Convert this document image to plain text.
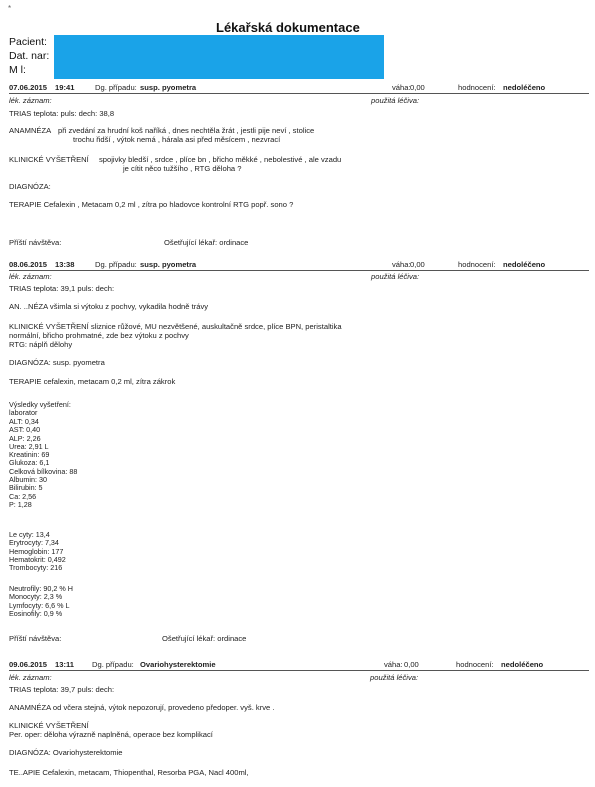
*
Lékařská dokumentace
Pacient:
Dat. nar:
M l:
07.06.2015 19:41	Dg. případu: susp. pyometra	váha: 0,00	hodnocení: nedoléčeno
lék. záznam:	použitá léčiva:
TRIAS teplota: puls: dech: 38,8
ANAMNÉZA při zvedání za hrudní koš naříká , dnes nechtěla žrát , jestli pije neví , stolice
trochu řidší , výtok nemá , hárala asi před měsícem , nezvrací
KLINICKÉ VYŠETŘENÍ spojivky bledší , srdce , plíce bn , břicho měkké , nebolestivé , ale vzadu
je cítit něco tužšího , RTG děloha ?
DIAGNÓZA:
TERAPIE Cefalexin , Metacam 0,2 ml , zítra po hladovce kontrolní RTG popř. sono ?
Příští návštěva:	Ošetřující lékař: ordinace
08.06.2015 13:38	Dg. případu: susp. pyometra	váha: 0,00	hodnocení: nedoléčeno
lék. záznam:	použitá léčiva:
TRIAS teplota: 39,1 puls: dech:
AN. ..NÉZA všimla si výtoku z pochvy, vykadila hodně trávy
KLINICKÉ VYŠETŘENÍ sliznice růžové, MU nezvětšené, auskultačně srdce, plíce BPN, peristaltika
normální, břicho prohmatné, zde bez výtoku z pochvy
RTG: náplň dělohy
DIAGNÓZA: susp. pyometra
TERAPIE cefalexin, metacam 0,2 ml, zítra zákrok
Výsledky vyšetření:
laborator
ALT: 0,34
AST: 0,40
ALP: 2,26
Urea: 2,91 L
Kreatinin: 69
Glukoza: 6,1
Celková bílkovina: 88
Albumin: 30
Bilirubin: 5
Ca: 2,56
P: 1,28
Le cyty: 13,4
Erytrocyty: 7,34
Hemoglobin: 177
Hematokrit: 0,492
Trombocyty: 216
Neutrofily: 90,2 % H
Monocyty: 2,3 %
Lymfocyty: 6,6 % L
Eosinofily: 0,9 %
Příští návštěva:	Ošetřující lékař: ordinace
09.06.2015 13:11 Dg. případu: Ovariohysterektomie	váha: 0,00	hodnocení: nedoléčeno
lék. záznam:	použitá léčiva:
TRIAS teplota: 39,7 puls: dech:
ANAMNÉZA od včera stejná, výtok nepozorují, provedeno předoper. vyš. krve .
KLINICKÉ VYŠETŘENÍ
Per. oper: děloha výrazně naplněná, operace bez komplikací
DIAGNÓZA: Ovariohysterektomie
TE..APIE Cefalexin, metacam, Thiopenthal, Resorba PGA, Nacl 400ml,
